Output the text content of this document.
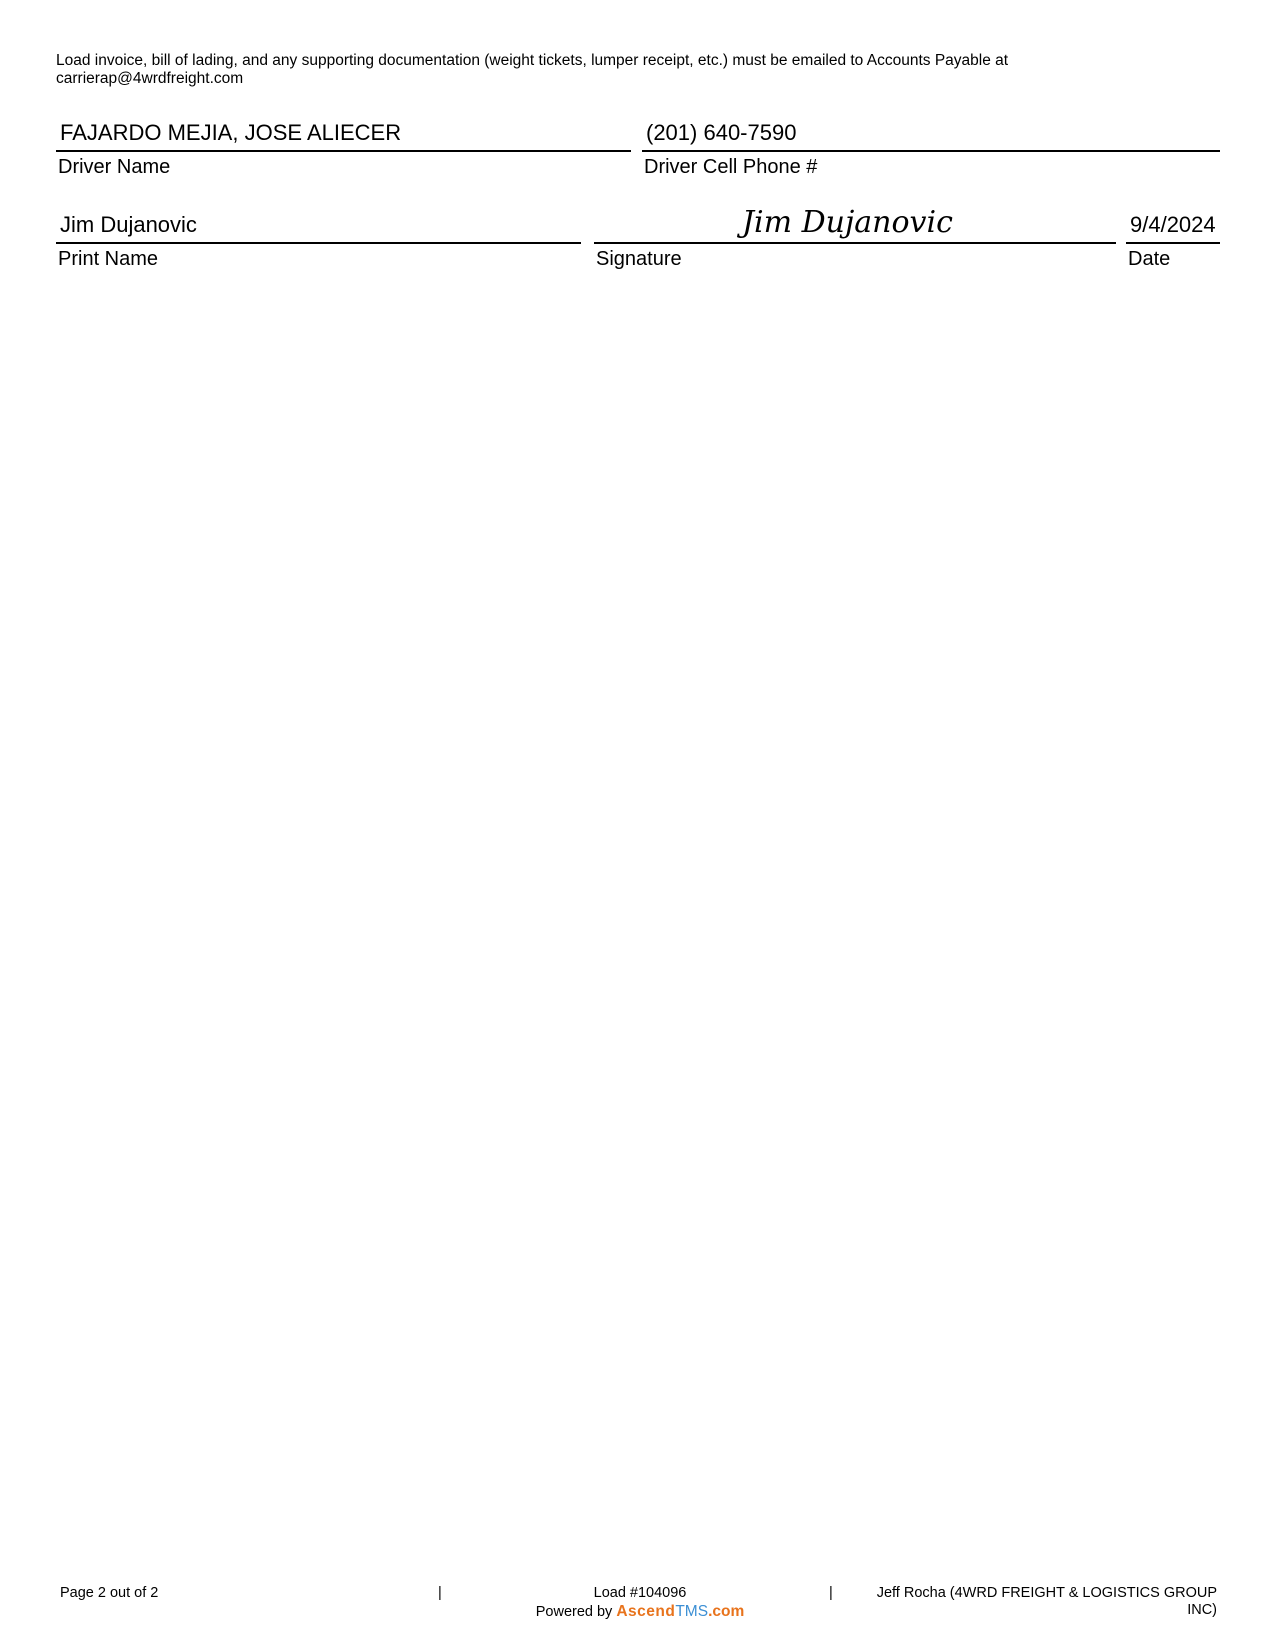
Load invoice, bill of lading, and any supporting documentation (weight tickets, lumper receipt, etc.) must be emailed to Accounts Payable at carrierap@4wrdfreight.com
FAJARDO MEJIA, JOSE ALIECER
Driver Name
(201) 640-7590
Driver Cell Phone #
Jim Dujanovic
Print Name
Jim Dujanovic
Signature
9/4/2024
Date
Page 2 out of 2	|	Load #104096	|	Jeff Rocha (4WRD FREIGHT & LOGISTICS GROUP INC)
Powered by AscendTMS.com
